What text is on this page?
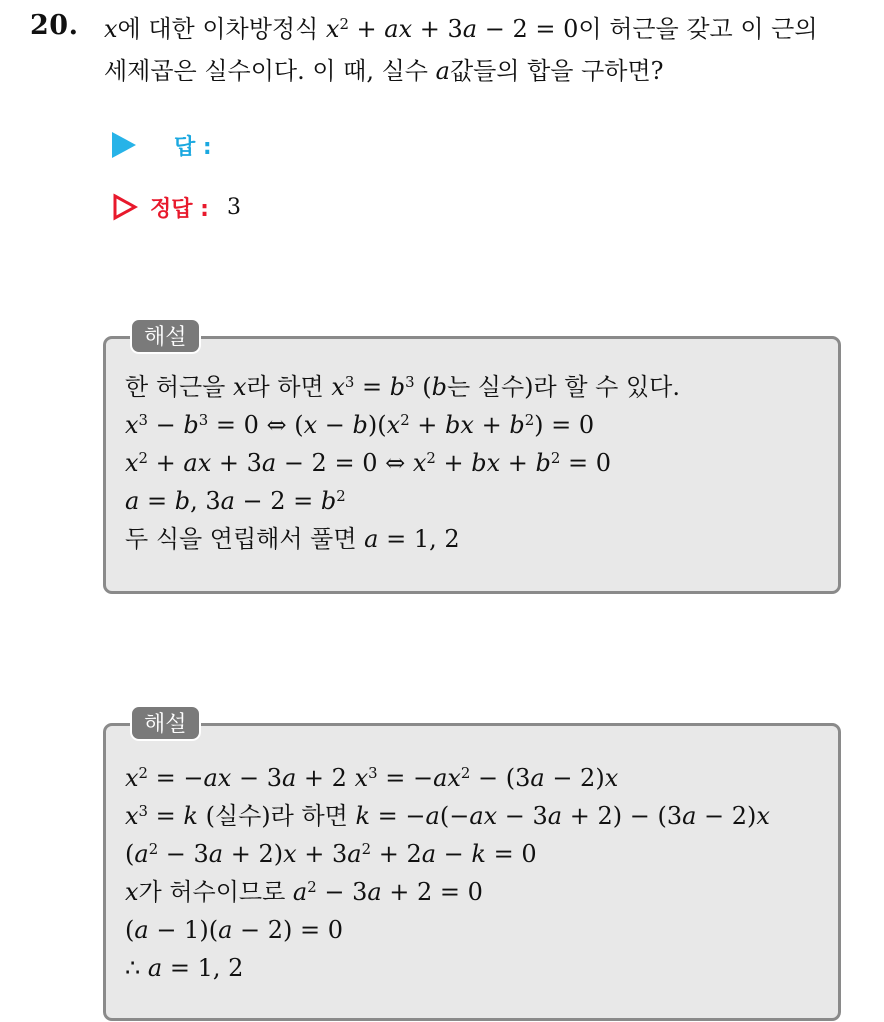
20. x에 대한 이차방정식 $x^2$ + ax + 3a − 2 = 0이 허근을 갖고 이 근의
세제곱은 실수이다. 이 때, 실수 a값들의 합을 구하면?
답 :
정답 : 3
해설
한 허근을 x라 하면 $x^3 = b^3$ (b는 실수)라 할 수 있다.
$x^3 - b^3 = 0$ ⇔ $(x - b)(x^2$ + bx + $b^2) = 0$
$x^2$ + ax + 3a − 2 = 0 ⇔ $x^2$ + bx + $b^2 = 0$
a = b, $3a - 2 = b^2$
두 식을 연립해서 풀면 a = 1, 2
해설
$x^2 = -ax - 3a + 2$ $x^3 = -ax^2 - (3a - 2)x$
$x^3 = k$ (실수)라 하면 k = −a(−ax − 3a + 2) − (3a − 2)x
$(a^2 - 3a + 2)x + 3a^2 + 2a - k = 0$
x가 허수이므로 $a^2 - 3a + 2 = 0$
(a − 1)(a − 2) = 0
∴ a = 1, 2
